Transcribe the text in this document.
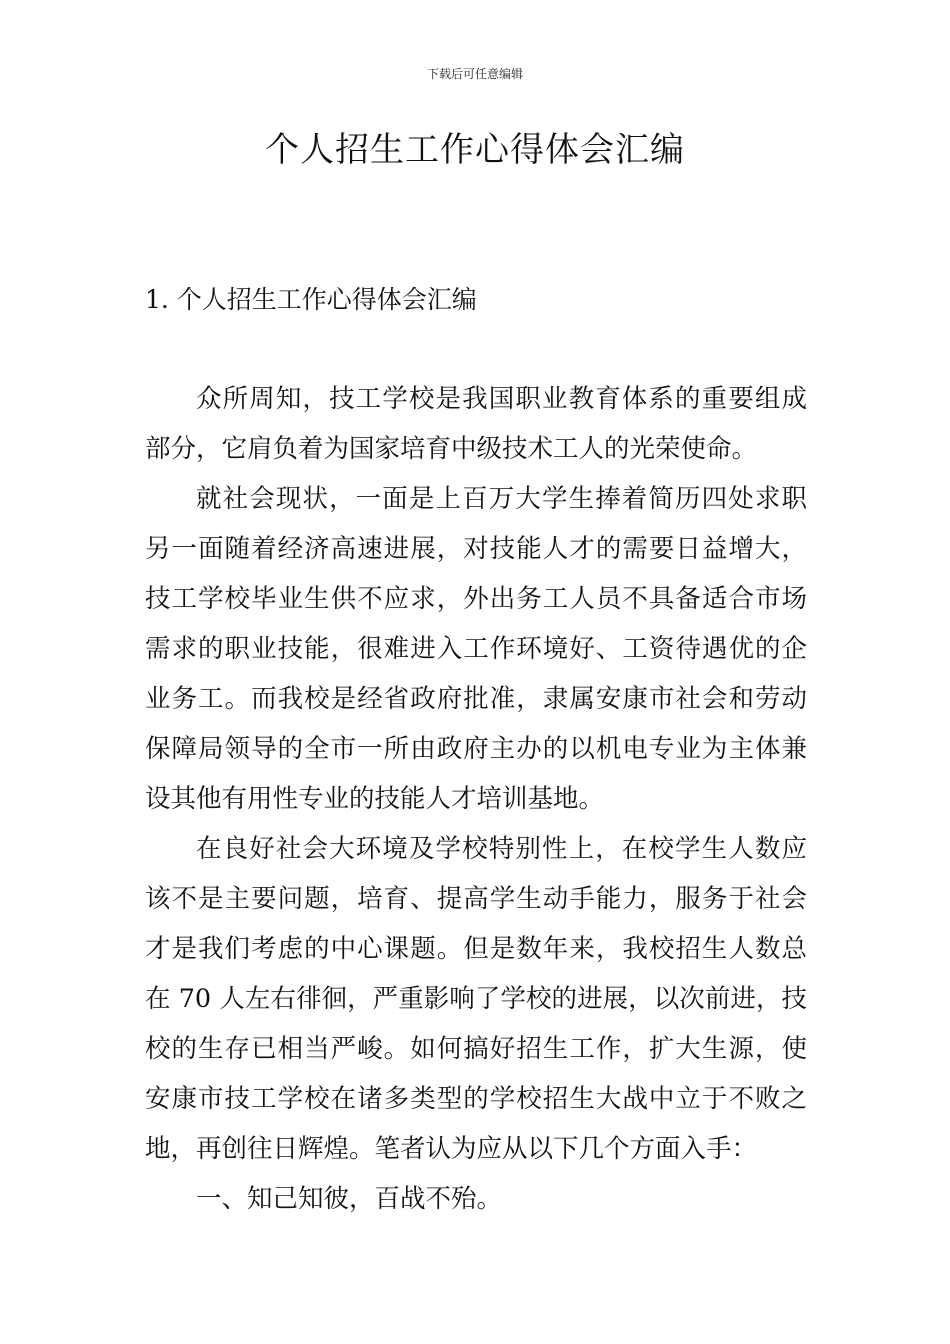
下载后可任意编辑
个人招生工作心得体会汇编
1. 个人招生工作心得体会汇编

众所周知，技工学校是我国职业教育体系的重要组成部分，它肩负着为国家培育中级技术工人的光荣使命。

就社会现状，一面是上百万大学生捧着简历四处求职另一面随着经济高速进展，对技能人才的需要日益增大，技工学校毕业生供不应求，外出务工人员不具备适合市场需求的职业技能，很难进入工作环境好、工资待遇优的企业务工。而我校是经省政府批准，隶属安康市社会和劳动保障局领导的全市一所由政府主办的以机电专业为主体兼设其他有用性专业的技能人才培训基地。

在良好社会大环境及学校特别性上，在校学生人数应该不是主要问题，培育、提高学生动手能力，服务于社会才是我们考虑的中心课题。但是数年来，我校招生人数总在 70 人左右徘徊，严重影响了学校的进展，以次前进，技校的生存已相当严峻。如何搞好招生工作，扩大生源，使安康市技工学校在诸多类型的学校招生大战中立于不败之地，再创往日辉煌。笔者认为应从以下几个方面入手：

一、知己知彼，百战不殆。
